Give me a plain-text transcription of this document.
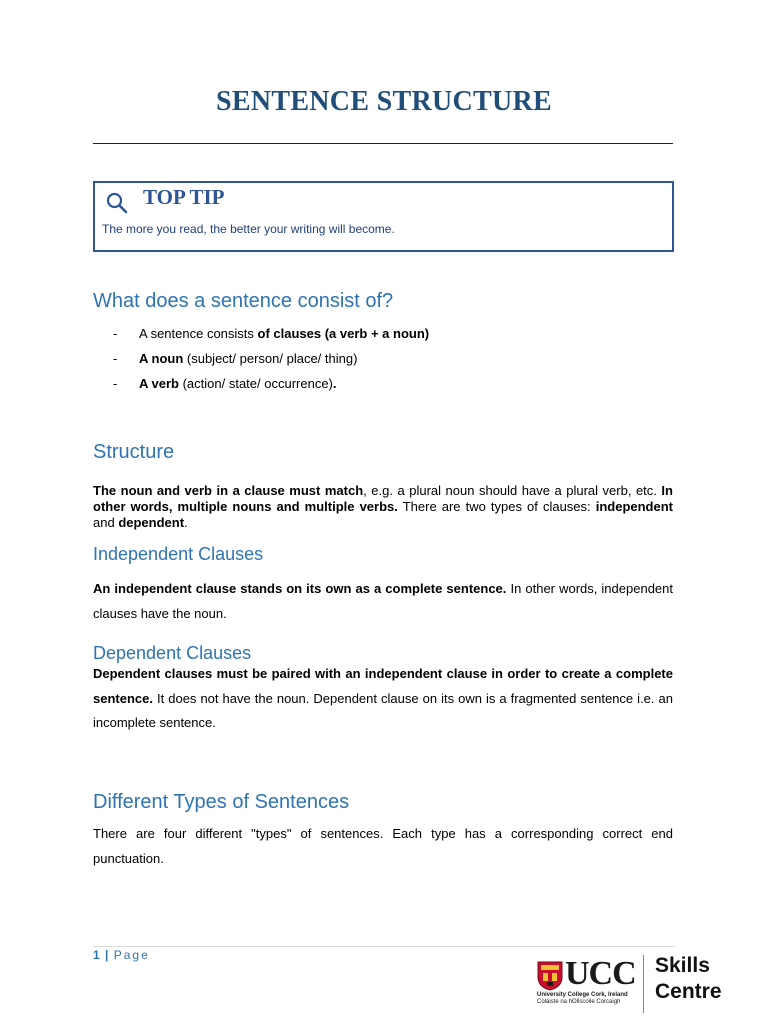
SENTENCE STRUCTURE
TOP TIP
The more you read, the better your writing will become.
What does a sentence consist of?
- A sentence consists of clauses (a verb + a noun)
- A noun (subject/ person/ place/ thing)
- A verb (action/ state/ occurrence).
Structure
The noun and verb in a clause must match, e.g. a plural noun should have a plural verb, etc. In other words, multiple nouns and multiple verbs. There are two types of clauses: independent and dependent.
Independent Clauses
An independent clause stands on its own as a complete sentence. In other words, independent clauses have the noun.
Dependent Clauses
Dependent clauses must be paired with an independent clause in order to create a complete sentence. It does not have the noun. Dependent clause on its own is a fragmented sentence i.e. an incomplete sentence.
Different Types of Sentences
There are four different "types" of sentences. Each type has a corresponding correct end punctuation.
1 | Page	UCC
University College Cork, Ireland
Coláiste na hOllscoile Corcaigh
Skills
Centre
